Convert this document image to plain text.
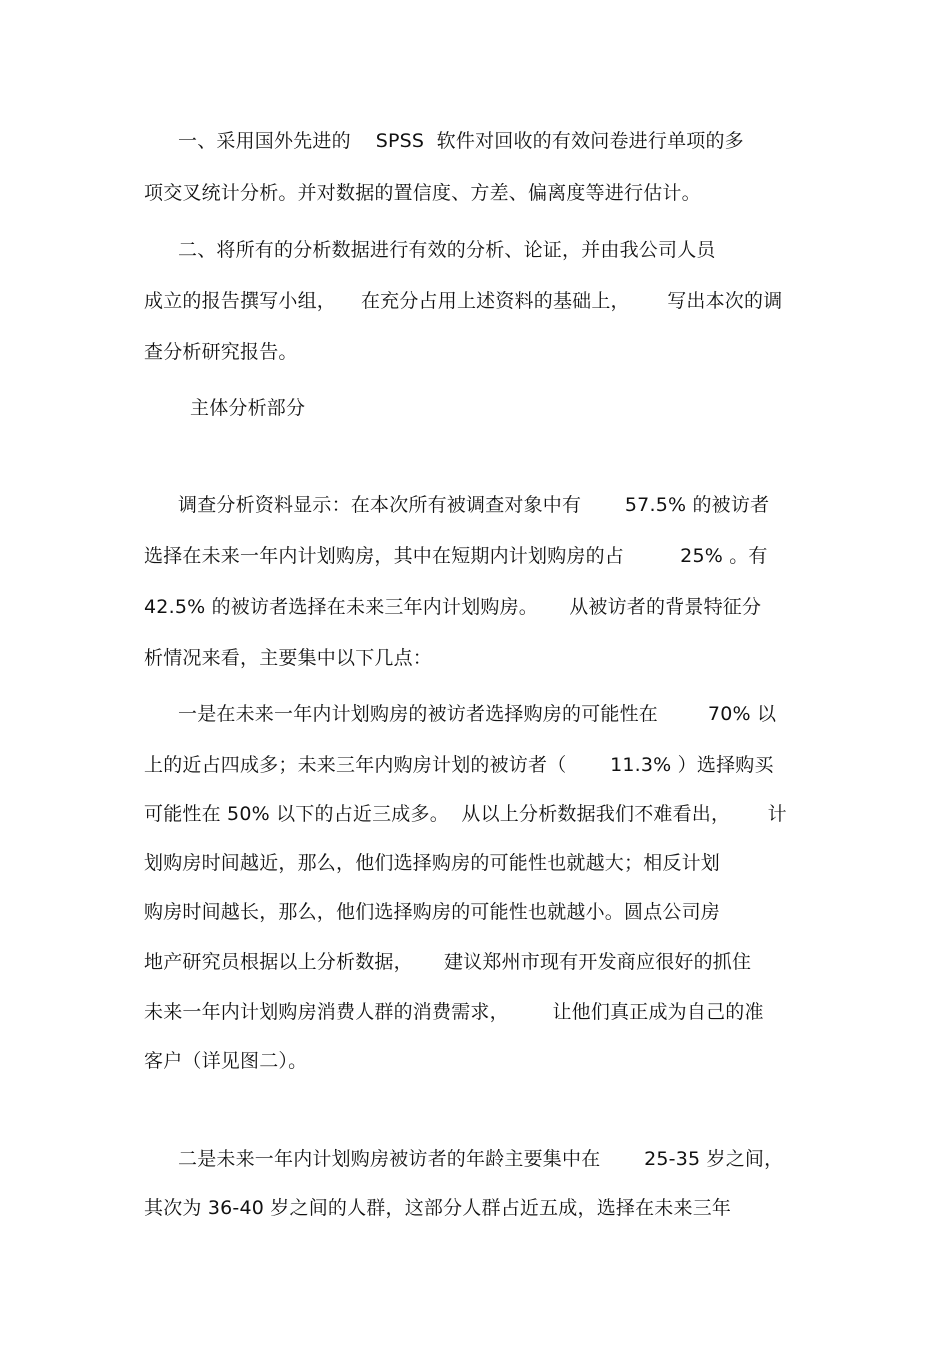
一、采用国外先进的    SPSS  软件对回收的有效问卷进行单项的多
项交叉统计分析。并对数据的置信度、方差、偏离度等进行估计。
二、将所有的分析数据进行有效的分析、论证，并由我公司人员
成立的报告撰写小组，    在充分占用上述资料的基础上，      写出本次的调
查分析研究报告。
主体分析部分
调查分析资料显示：在本次所有被调查对象中有       57.5% 的被访者
选择在未来一年内计划购房，其中在短期内计划购房的占         25% 。有
42.5% 的被访者选择在未来三年内计划购房。     从被访者的背景特征分
析情况来看，主要集中以下几点：
一是在未来一年内计划购房的被访者选择购房的可能性在        70% 以
上的近占四成多；未来三年内购房计划的被访者（       11.3% ）选择购买
可能性在 50% 以下的占近三成多。  从以上分析数据我们不难看出，      计
划购房时间越近，那么，他们选择购房的可能性也就越大；相反计划
购房时间越长，那么，他们选择购房的可能性也就越小。圆点公司房
地产研究员根据以上分析数据，     建议郑州市现有开发商应很好的抓住
未来一年内计划购房消费人群的消费需求，       让他们真正成为自己的准
客户（详见图二）。
二是未来一年内计划购房被访者的年龄主要集中在       25-35 岁之间，
其次为 36-40 岁之间的人群，这部分人群占近五成，选择在未来三年
